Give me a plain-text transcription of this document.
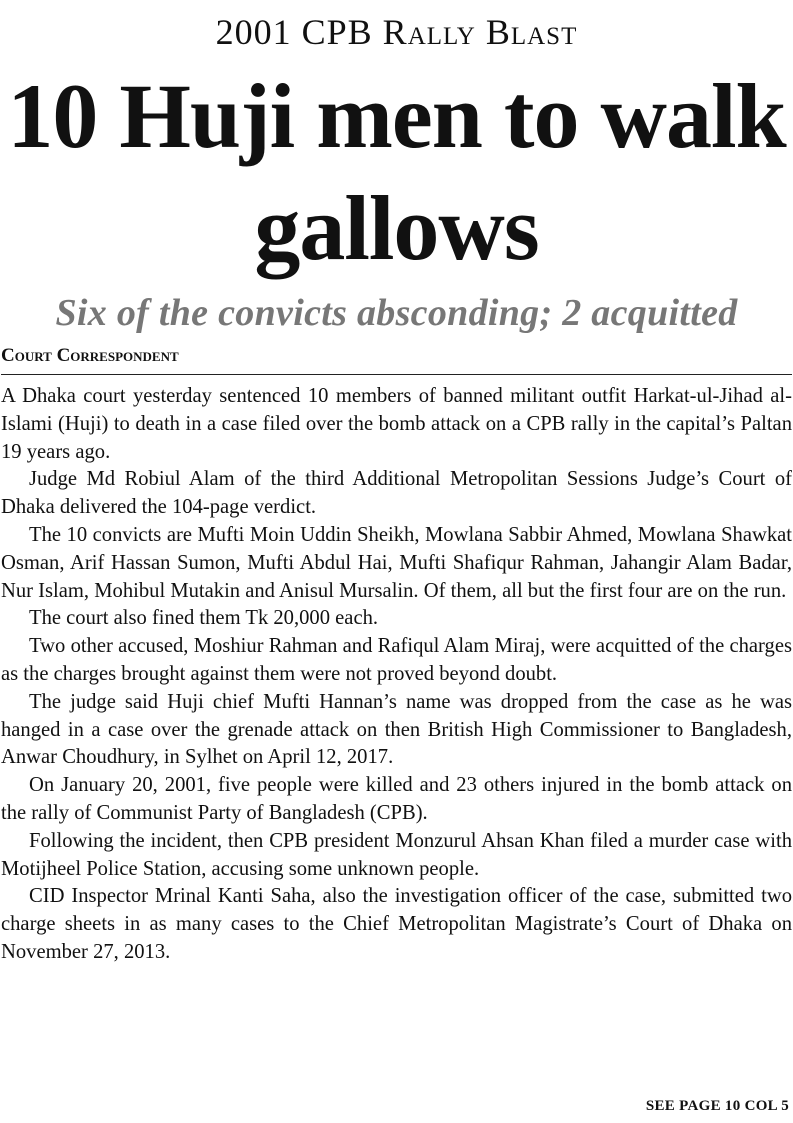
2001 CPB Rally Blast
10 Huji men to walk gallows
Six of the convicts absconding; 2 acquitted
Court Correspondent

A Dhaka court yesterday sentenced 10 members of banned militant outfit Harkat-ul-Jihad al-Islami (Huji) to death in a case filed over the bomb attack on a CPB rally in the capital’s Paltan 19 years ago.

Judge Md Robiul Alam of the third Additional Metropolitan Sessions Judge’s Court of Dhaka delivered the 104-page verdict.

The 10 convicts are Mufti Moin Uddin Sheikh, Mowlana Sabbir Ahmed, Mowlana Shawkat Osman, Arif Hassan Sumon, Mufti Abdul Hai, Mufti Shafiqur Rahman, Jahangir Alam Badar, Nur Islam, Mohibul Mutakin and Anisul Mursalin. Of them, all but the first four are on the run.

The court also fined them Tk 20,000 each.

Two other accused, Moshiur Rahman and Rafiqul Alam Miraj, were acquitted of the charges as the charges brought against them were not proved beyond doubt.

The judge said Huji chief Mufti Hannan’s name was dropped from the case as he was hanged in a case over the grenade attack on then British High Commissioner to Bangladesh, Anwar Choudhury, in Sylhet on April 12, 2017.

On January 20, 2001, five people were killed and 23 others injured in the bomb attack on the rally of Communist Party of Bangladesh (CPB).

Following the incident, then CPB president Monzurul Ahsan Khan filed a murder case with Motijheel Police Station, accusing some unknown people.

CID Inspector Mrinal Kanti Saha, also the investigation officer of the case, submitted two charge sheets in as many cases to the Chief Metropolitan Magistrate’s Court of Dhaka on November 27, 2013.

SEE PAGE 10 COL 5
